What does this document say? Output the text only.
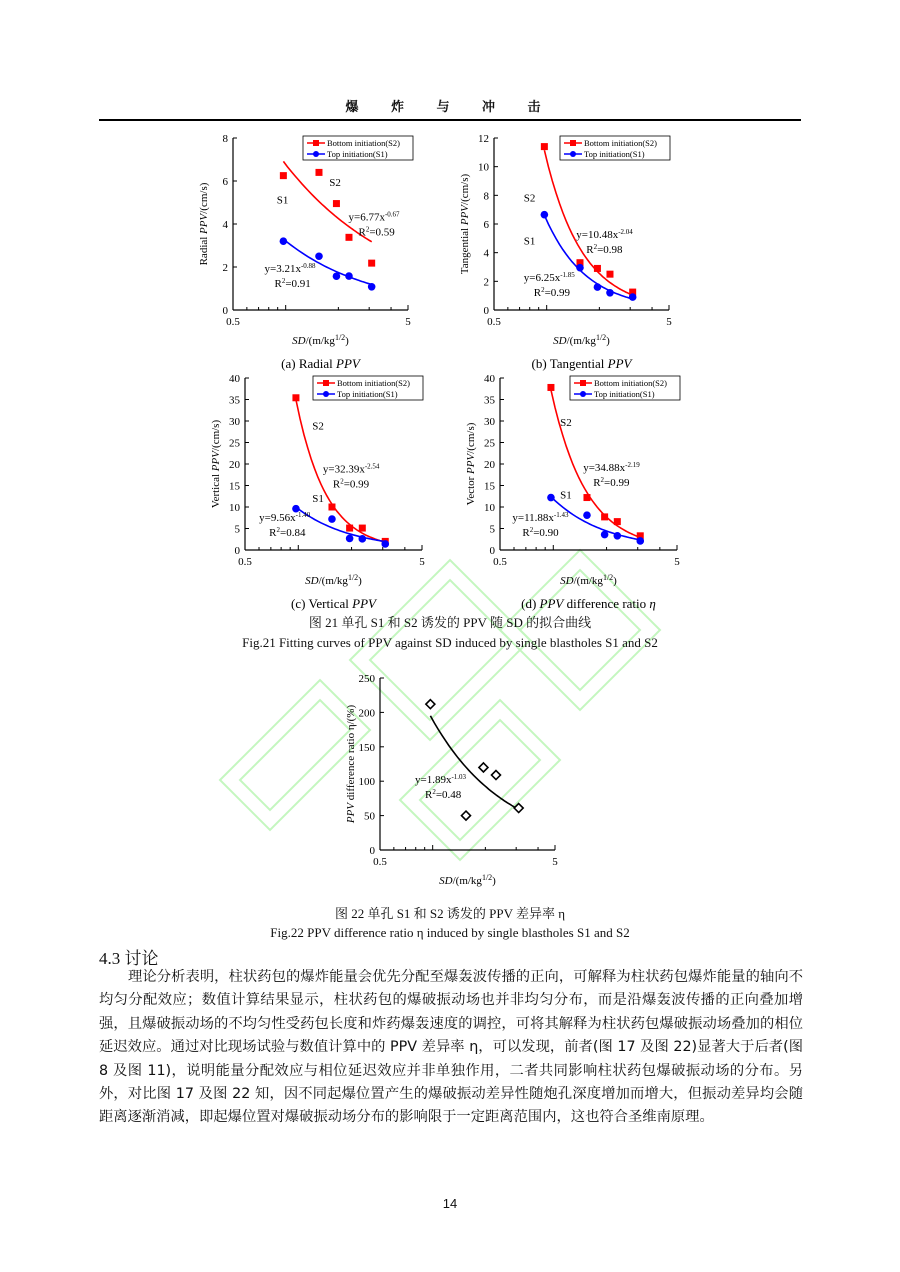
爆 炸 与 冲 击
0
2
4
6
8
0.5	5
$SD/(m/kg^{1/2})$
Radial PPV/(cm/s)	S2
$y=6.77x^{-0.67}$
$R^2=0.59$
S1
$y=3.21x^{-0.88}$
$R^2=0.91$
Bottom initiation(S2)
Top initiation(S1)
(a) Radial PPV
0
2
4
6
8
10
12
0.5	5
$SD/(m/kg^{1/2})$
Tangential PPV/(cm/s)	S2
$y=10.48x^{-2.04}$
$R^2=0.98$
S1
$y=6.25x^{-1.85}$
$R^2=0.99$
Bottom initiation(S2)
Top initiation(S1)
(b) Tangential PPV
0
5
10
15
20
25
30
35
40
0.5	5
$SD/(m/kg^{1/2})$
Vertical PPV/(cm/s)	S2
$y=32.39x^{-2.54}$
$R^2=0.99$
S1
$y=9.56x^{-1.40}$
$R^2=0.84$
Bottom initiation(S2)
Top initiation(S1)
(c) Vertical PPV
0
5
10
15
20
25
30
35
40
0.5	5
$SD/(m/kg^{1/2})$
Vector PPV/(cm/s)	S2
$y=34.88x^{-2.19}$
$R^2=0.99$
S1
$y=11.88x^{-1.43}$
$R^2=0.90$
Bottom initiation(S2)
Top initiation(S1)
(d) PPV difference ratio η
0
50
100
150
200
250
0.5	5
$SD/(m/kg^{1/2})$
PPV difference ratio η/(%)	$y=1.89x^{-1.03}$
$R^2=0.48$
图 21 单孔 S1 和 S2 诱发的 PPV 随 SD 的拟合曲线
Fig.21 Fitting curves of PPV against SD induced by single blastholes S1 and S2
图 22 单孔 S1 和 S2 诱发的 PPV 差异率 η
Fig.22 PPV difference ratio η induced by single blastholes S1 and S2
4.3 讨论
理论分析表明，柱状药包的爆炸能量会优先分配至爆轰波传播的正向，可解释为柱状药包爆炸能量的轴向不均匀分配效应；数值计算结果显示，柱状药包的爆破振动场也并非均匀分布，而是沿爆轰波传播的正向叠加增强，且爆破振动场的不均匀性受药包长度和炸药爆轰速度的调控，可将其解释为柱状药包爆破振动场叠加的相位延迟效应。通过对比现场试验与数值计算中的 PPV 差异率 η，可以发现，前者(图 17 及图 22)显著大于后者(图 8 及图 11)，说明能量分配效应与相位延迟效应并非单独作用，二者共同影响柱状药包爆破振动场的分布。另外，对比图 17 及图 22 知，因不同起爆位置产生的爆破振动差异性随炮孔深度增加而增大，但振动差异均会随距离逐渐消减，即起爆位置对爆破振动场分布的影响限于一定距离范围内，这也符合圣维南原理。
14
